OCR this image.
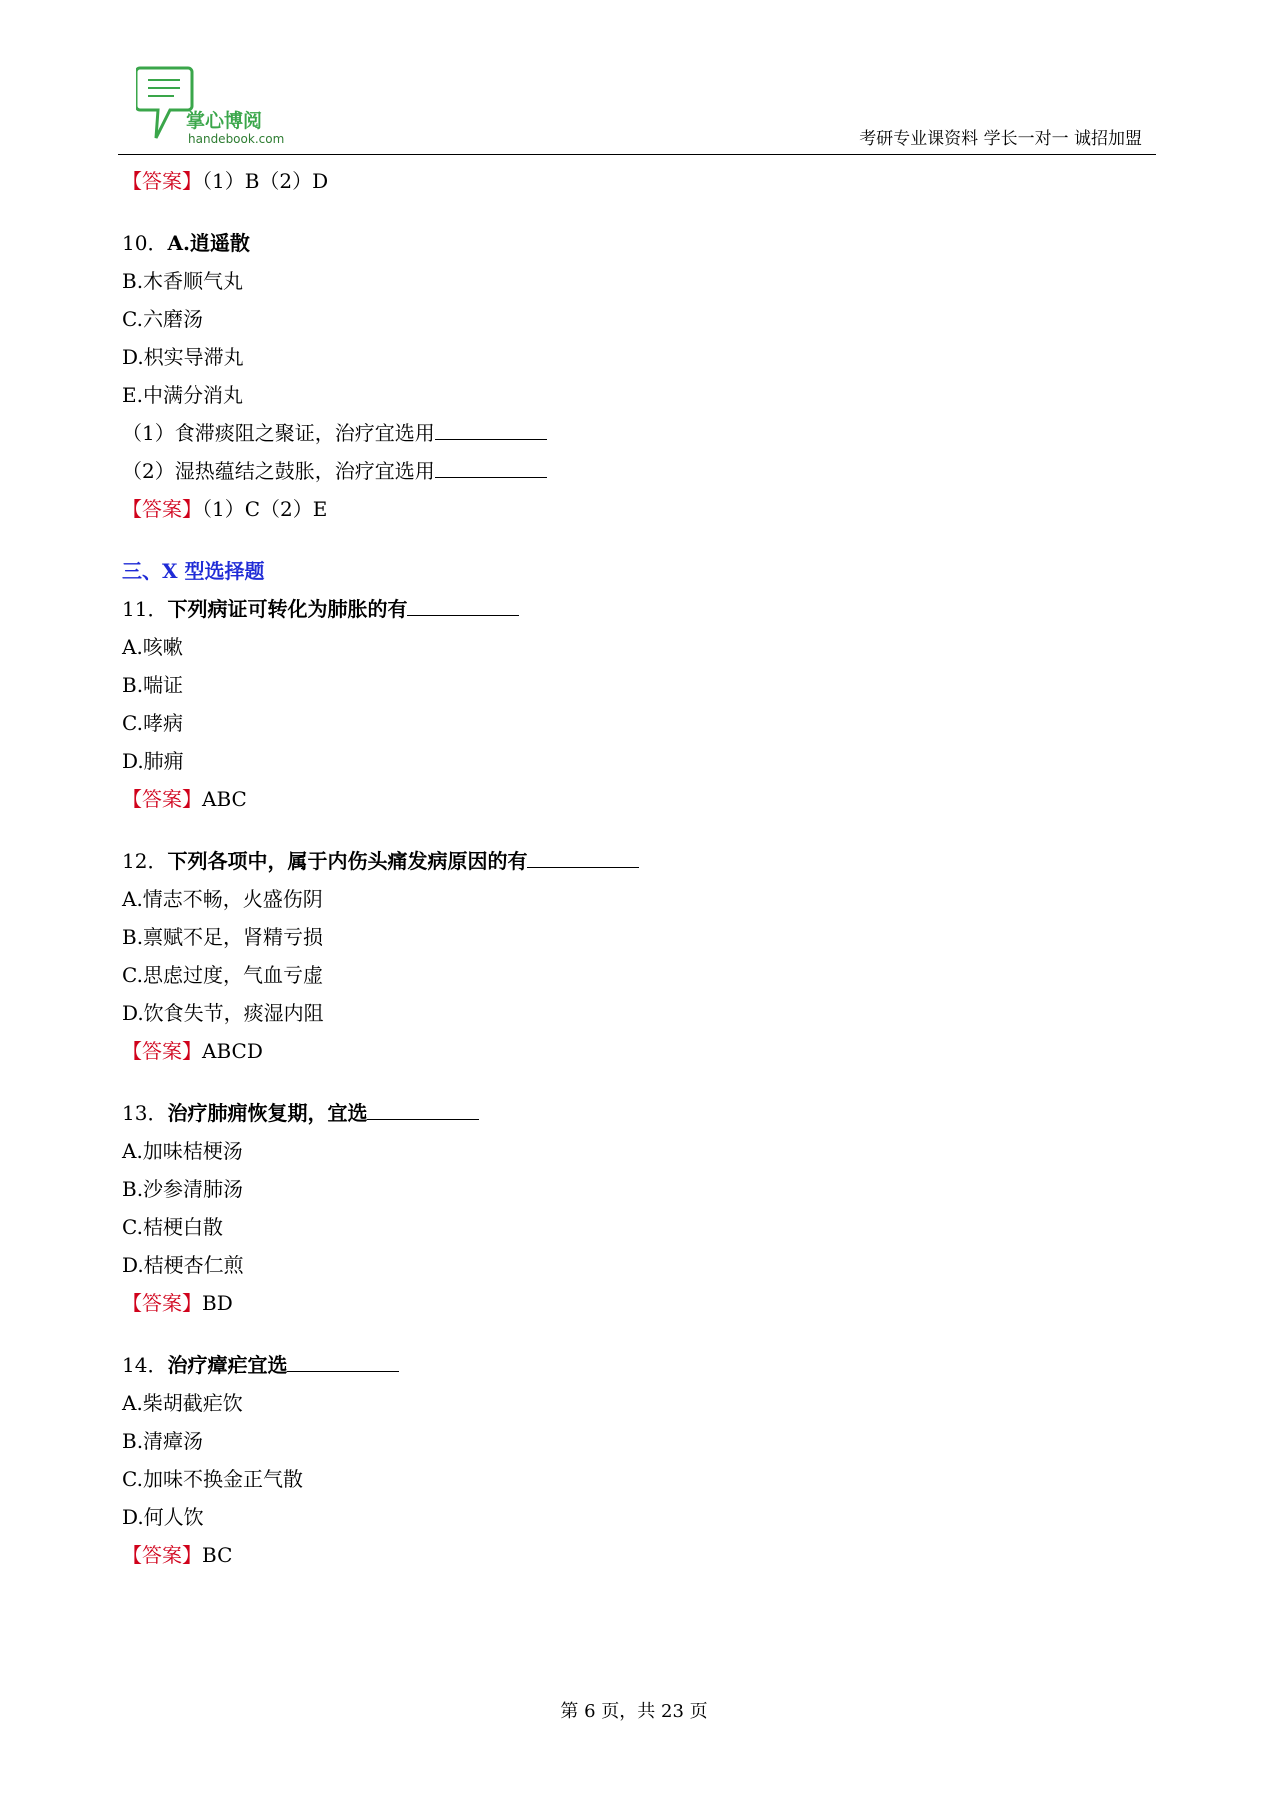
掌心博阅
handebook.com	考研专业课资料 学长一对一 诚招加盟
【答案】（1）B（2）D
10．A.逍遥散
B.木香顺气丸
C.六磨汤
D.枳实导滞丸
E.中满分消丸
（1）食滞痰阻之聚证，治疗宜选用
（2）湿热蕴结之鼓胀，治疗宜选用
【答案】（1）C（2）E
三、X 型选择题
11．下列病证可转化为肺胀的有
A.咳嗽
B.喘证
C.哮病
D.肺痈
【答案】ABC
12．下列各项中，属于内伤头痛发病原因的有
A.情志不畅，火盛伤阴
B.禀赋不足，肾精亏损
C.思虑过度，气血亏虚
D.饮食失节，痰湿内阻
【答案】ABCD
13．治疗肺痈恢复期，宜选
A.加味桔梗汤
B.沙参清肺汤
C.桔梗白散
D.桔梗杏仁煎
【答案】BD
14．治疗瘴疟宜选
A.柴胡截疟饮
B.清瘴汤
C.加味不换金正气散
D.何人饮
【答案】BC
第 6 页，共 23 页
